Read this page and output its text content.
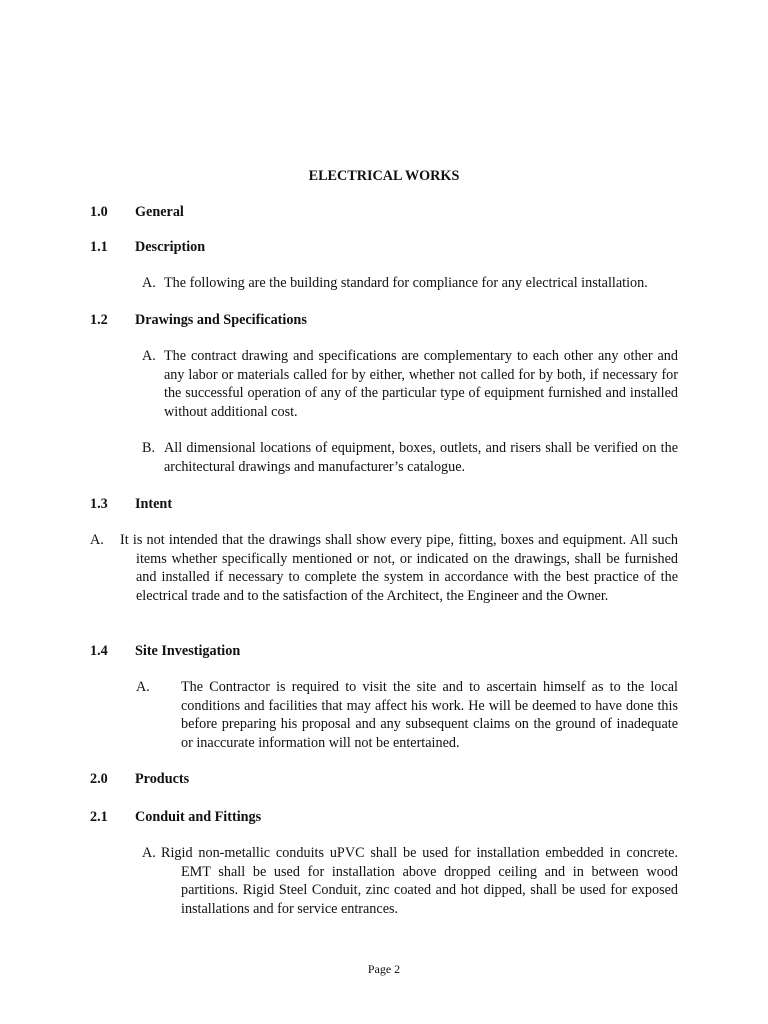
ELECTRICAL WORKS
1.0 General
1.1 Description
A. The following are the building standard for compliance for any electrical installation.

1.2 Drawings and Specifications
A. The contract drawing and specifications are complementary to each other any other and any labor or materials called for by either, whether not called for by both, if necessary for the successful operation of any of the particular type of equipment furnished and installed without additional cost.

B. All dimensional locations of equipment, boxes, outlets, and risers shall be verified on the architectural drawings and manufacturer’s catalogue.

1.3 Intent
A. It is not intended that the drawings shall show every pipe, fitting, boxes and equipment. All such items whether specifically mentioned or not, or indicated on the drawings, shall be furnished and installed if necessary to complete the system in accordance with the best practice of the electrical trade and to the satisfaction of the Architect, the Engineer and the Owner.

1.4 Site Investigation
A. The Contractor is required to visit the site and to ascertain himself as to the local conditions and facilities that may affect his work. He will be deemed to have done this before preparing his proposal and any subsequent claims on the ground of inadequate or inaccurate information will not be entertained.

2.0 Products
2.1 Conduit and Fittings
A. Rigid non-metallic conduits uPVC shall be used for installation embedded in concrete. EMT shall be used for installation above dropped ceiling and in between wood partitions. Rigid Steel Conduit, zinc coated and hot dipped, shall be used for exposed installations and for service entrances.

Page 2
